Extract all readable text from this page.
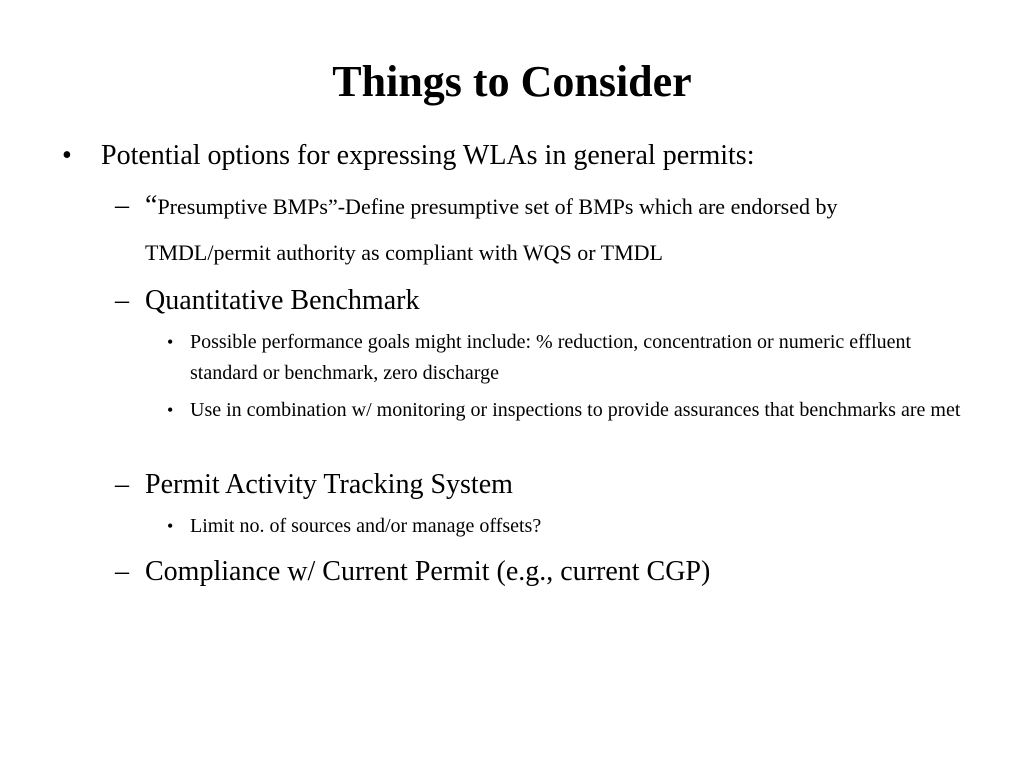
Things to Consider
• Potential options for expressing WLAs in general permits:
– “Presumptive BMPs”-Define presumptive set of BMPs which are endorsed by TMDL/permit authority as compliant with WQS or TMDL
– Quantitative Benchmark
• Possible performance goals might include: % reduction, concentration or numeric effluent standard or benchmark, zero discharge
• Use in combination w/ monitoring or inspections to provide assurances that benchmarks are met
– Permit Activity Tracking System
• Limit no. of sources and/or manage offsets?
– Compliance w/ Current Permit (e.g., current CGP)
